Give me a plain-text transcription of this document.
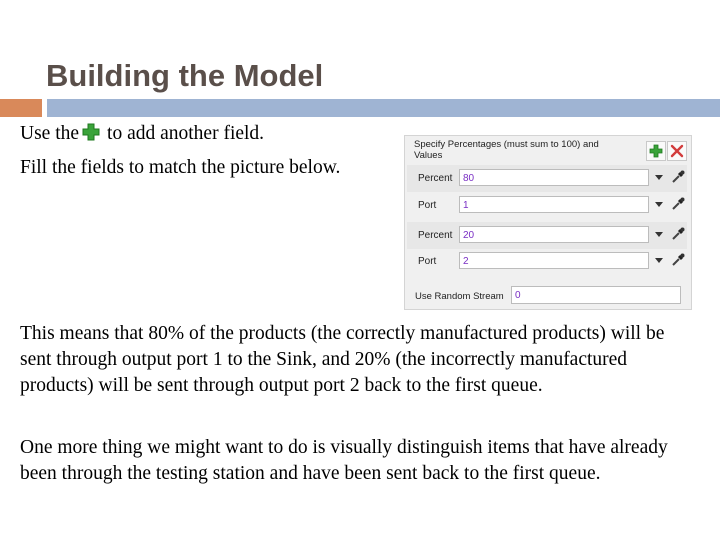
Building the Model
Use the to add another field.
Fill the fields to match the picture below.
Specify Percentages (must sum to 100) and Values
Percent	80
Port	1
Percent	20
Port	2
Use Random Stream	0
This means that 80% of the products (the correctly manufactured products) will be sent through output port 1 to the Sink, and 20% (the incorrectly manufactured products) will be sent through output port 2 back to the first queue.
One more thing we might want to do is visually distinguish items that have already been through the testing station and have been sent back to the first queue.
